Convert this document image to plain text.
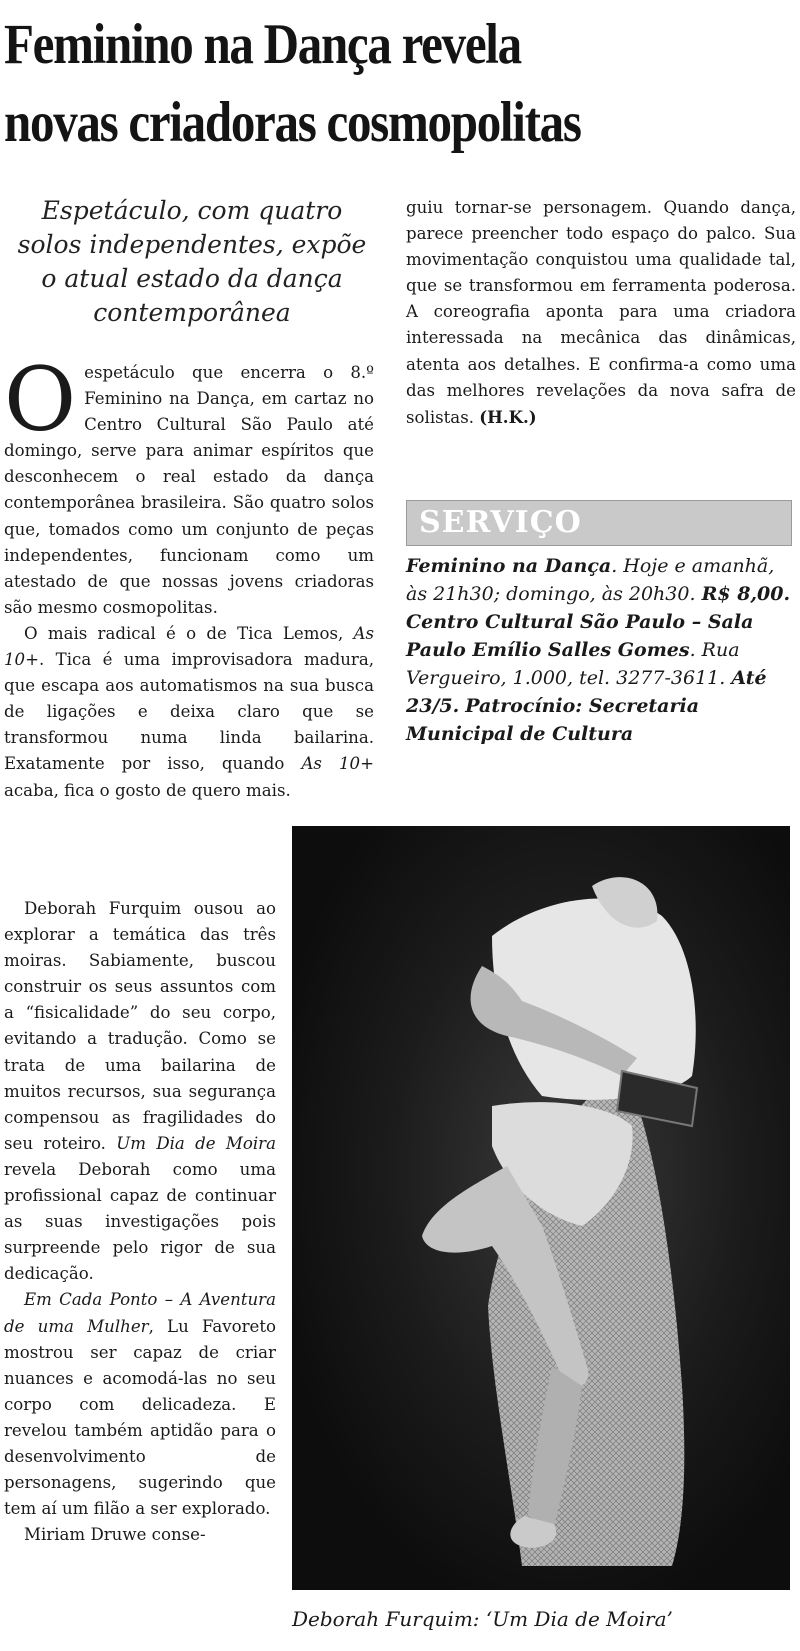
Feminino na Dança revela
novas criadoras cosmopolitas
Espetáculo, com quatro solos independentes, expõe o atual estado da dança contemporânea

Oespetáculo que encerra o 8.º Feminino na Dança, em cartaz no Centro Cultural São Paulo até domingo, serve para animar espíritos que desconhecem o real estado da dança contemporânea brasileira. São quatro solos que, tomados como um conjunto de peças independentes, funcionam como um atestado de que nossas jovens criadoras são mesmo cosmopolitas.

O mais radical é o de Tica Lemos, As 10+. Tica é uma improvisadora madura, que escapa aos automatismos na sua busca de ligações e deixa claro que se transformou numa linda bailarina. Exatamente por isso, quando As 10+ acaba, fica o gosto de quero mais.

Deborah Furquim ousou ao explorar a temática das três moiras. Sabiamente, buscou construir os seus assuntos com a “fisicalidade” do seu corpo, evitando a tradução. Como se trata de uma bailarina de muitos recursos, sua segurança compensou as fragilidades do seu roteiro. Um Dia de Moira revela Deborah como uma profissional capaz de continuar as suas investigações pois surpreende pelo rigor de sua dedicação.

Em Cada Ponto – A Aventura de uma Mulher, Lu Favoreto mostrou ser capaz de criar nuances e acomodá-las no seu corpo com delicadeza. E revelou também aptidão para o desenvolvimento de personagens, sugerindo que tem aí um filão a ser explorado.

Miriam Druwe conse-

guiu tornar-se personagem. Quando dança, parece preencher todo espaço do palco. Sua movimentação conquistou uma qualidade tal, que se transformou em ferramenta poderosa. A coreografia aponta para uma criadora interessada na mecânica das dinâmicas, atenta aos detalhes. E confirma-a como uma das melhores revelações da nova safra de solistas. (H.K.)

SERVIÇO
Feminino na Dança. Hoje e amanhã, às 21h30; domingo, às 20h30. R$ 8,00. Centro Cultural São Paulo – Sala Paulo Emílio Salles Gomes. Rua Vergueiro, 1.000, tel. 3277-3611. Até 23/5. Patrocínio: Secretaria Municipal de Cultura
Deborah Furquim: ‘Um Dia de Moira’
